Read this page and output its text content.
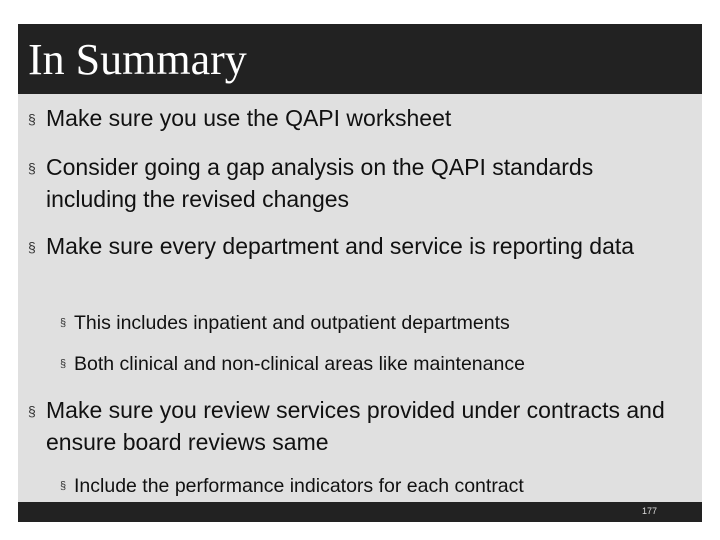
In Summary

§ Make sure you use the QAPI worksheet

§ Consider going a gap analysis on the QAPI standards including the revised changes

§ Make sure every department and service is reporting data

§ This includes inpatient and outpatient departments

§ Both clinical and non-clinical areas like maintenance

§ Make sure you review services provided under contracts and ensure board reviews same

§ Include the performance indicators for each contract

177
